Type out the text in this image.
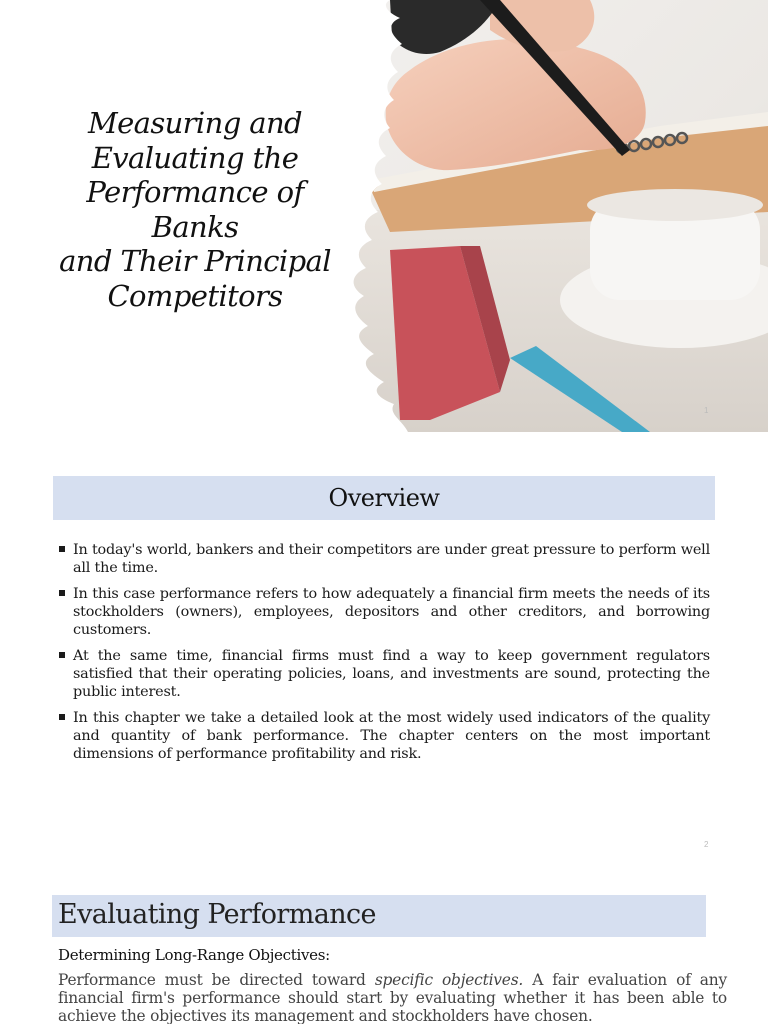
Measuring and
Evaluating the
Performance of
Banks
and Their Principal
Competitors
1
Overview
In today's world, bankers and their competitors are under great pressure to perform well all the time.
In this case performance refers to how adequately a financial firm meets the needs of its stockholders (owners), employees, depositors and other creditors, and borrowing customers.
At the same time, financial firms must find a way to keep government regulators satisfied that their operating policies, loans, and investments are sound, protecting the public interest.
In this chapter we take a detailed look at the most widely used indicators of the quality and quantity of bank performance. The chapter centers on the most important dimensions of performance profitability and risk.
2
Evaluating Performance
Determining Long-Range Objectives:
Performance must be directed toward specific objectives. A fair evaluation of any financial firm's performance should start by evaluating whether it has been able to achieve the objectives its management and stockholders have chosen.
